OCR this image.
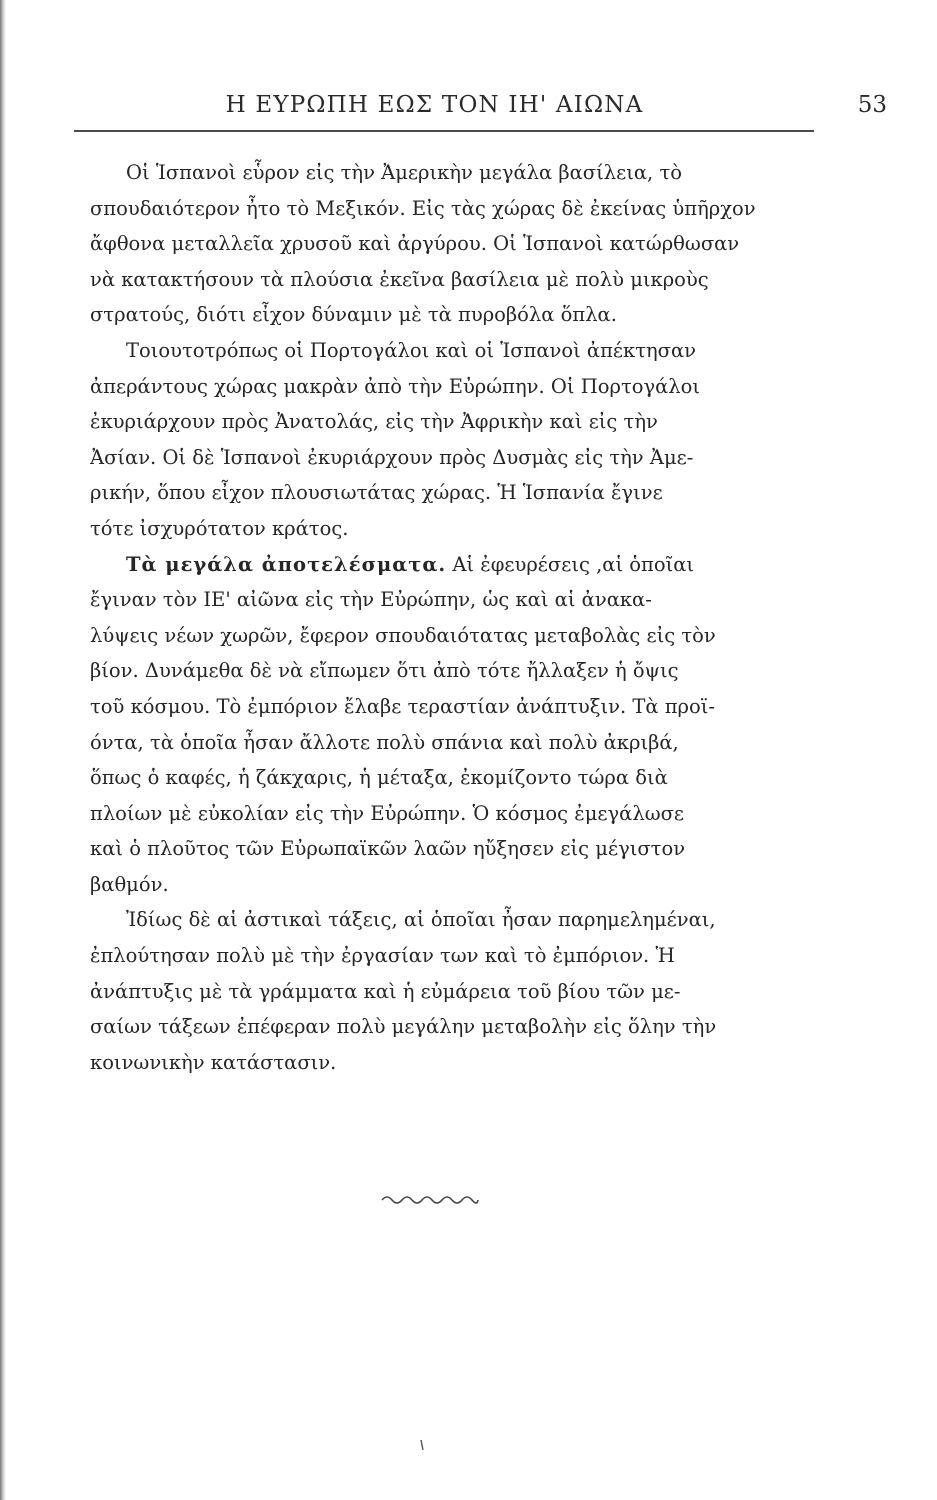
Η ΕΥΡΩΠΗ ΕΩΣ ΤΟΝ ΙΗ' ΑΙΩΝΑ	53
Οἱ Ἱσπανοὶ εὗρον εἰς τὴν Ἀμερικὴν μεγάλα βασίλεια, τὸ
σπουδαιότερον ἦτο τὸ Μεξικόν. Εἰς τὰς χώρας δὲ ἐκείνας ὑπῆρχον
ἄφθονα μεταλλεῖα χρυσοῦ καὶ ἀργύρου. Οἱ Ἱσπανοὶ κατώρθωσαν
νὰ κατακτήσουν τὰ πλούσια ἐκεῖνα βασίλεια μὲ πολὺ μικροὺς
στρατούς, διότι εἶχον δύναμιν μὲ τὰ πυροβόλα ὅπλα.
Τοιουτοτρόπως οἱ Πορτογάλοι καὶ οἱ Ἱσπανοὶ ἀπέκτησαν
ἀπεράντους χώρας μακρὰν ἀπὸ τὴν Εὐρώπην. Οἱ Πορτογάλοι
ἐκυριάρχουν πρὸς Ἀνατολάς, εἰς τὴν Ἀφρικὴν καὶ εἰς τὴν
Ἀσίαν. Οἱ δὲ Ἱσπανοὶ ἐκυριάρχουν πρὸς Δυσμὰς εἰς τὴν Ἀμε-
ρικήν, ὅπου εἶχον πλουσιωτάτας χώρας. Ἡ Ἱσπανία ἔγινε
τότε ἰσχυρότατον κράτος.
Τὰ μεγάλα ἀποτελέσματα. Αἱ ἐφευρέσεις ,αἱ ὁποῖαι
ἔγιναν τὸν ΙΕ' αἰῶνα εἰς τὴν Εὐρώπην, ὡς καὶ αἱ ἀνακα-
λύψεις νέων χωρῶν, ἔφερον σπουδαιότατας μεταβολὰς εἰς τὸν
βίον. Δυνάμεθα δὲ νὰ εἴπωμεν ὅτι ἀπὸ τότε ἤλλαξεν ἡ ὄψις
τοῦ κόσμου. Τὸ ἐμπόριον ἔλαβε τεραστίαν ἀνάπτυξιν. Τὰ προϊ-
όντα, τὰ ὁποῖα ἦσαν ἄλλοτε πολὺ σπάνια καὶ πολὺ ἀκριβά,
ὅπως ὁ καφές, ἡ ζάκχαρις, ἡ μέταξα, ἐκομίζοντο τώρα διὰ
πλοίων μὲ εὐκολίαν εἰς τὴν Εὐρώπην. Ὁ κόσμος ἐμεγάλωσε
καὶ ὁ πλοῦτος τῶν Εὐρωπαϊκῶν λαῶν ηὔξησεν εἰς μέγιστον
βαθμόν.
Ἰδίως δὲ αἱ ἀστικαὶ τάξεις, αἱ ὁποῖαι ἦσαν παρημελημέναι,
ἐπλούτησαν πολὺ μὲ τὴν ἐργασίαν των καὶ τὸ ἐμπόριον. Ἡ
ἀνάπτυξις μὲ τὰ γράμματα καὶ ἡ εὐμάρεια τοῦ βίου τῶν με-
σαίων τάξεων ἐπέφεραν πολὺ μεγάλην μεταβολὴν εἰς ὅλην τὴν
κοινωνικὴν κατάστασιν.
